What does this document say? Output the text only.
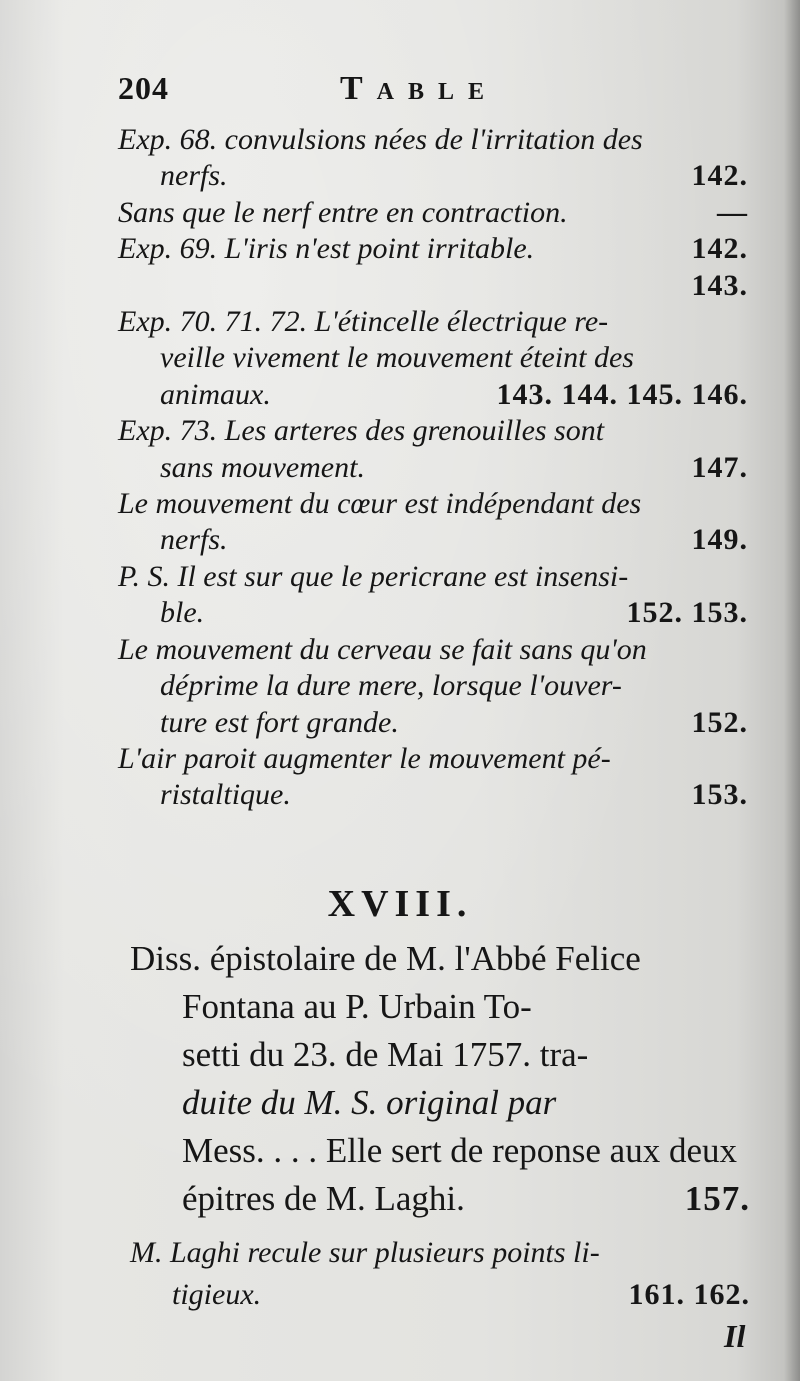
204	Table
Exp. 68. convulsions nées de l'irritation des
nerfs.	142.
Sans que le nerf entre en contraction.	—
Exp. 69. L'iris n'est point irritable.	142.
143.
Exp. 70. 71. 72. L'étincelle électrique re-
veille vivement le mouvement éteint des
animaux.	143. 144. 145. 146.
Exp. 73. Les arteres des grenouilles sont
sans mouvement.	147.
Le mouvement du cœur est indépendant des
nerfs.	149.
P. S. Il est sur que le pericrane est insensi-
ble.	152. 153.
Le mouvement du cerveau se fait sans qu'on
déprime la dure mere, lorsque l'ouver-
ture est fort grande.	152.
L'air paroit augmenter le mouvement pé-
ristaltique.	153.
XVIII.
Diss. épistolaire de M. l'Abbé Felice
Fontana au P. Urbain To-
setti du 23. de Mai 1757. tra-
duite du M. S. original par
Mess. . . . Elle sert de reponse aux deux
épitres de M. Laghi.	157.
M. Laghi recule sur plusieurs points li-
tigieux.	161. 162.
Il
